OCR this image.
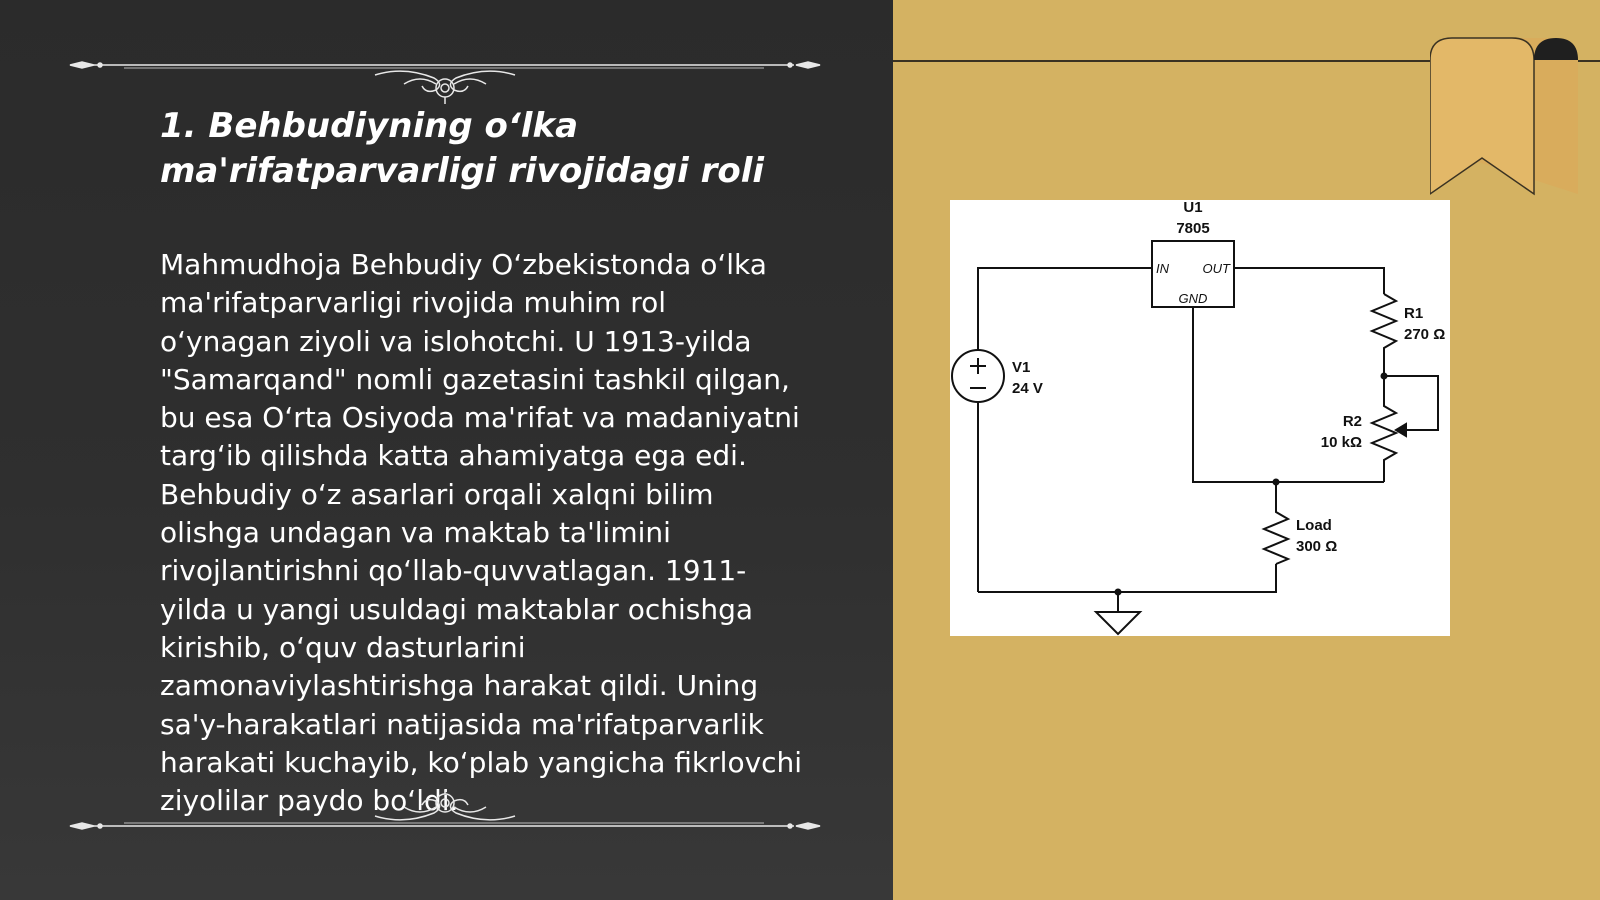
1. Behbudiyning o‘lka
ma'rifatparvarligi rivojidagi roli
Mahmudhoja Behbudiy O‘zbekistonda o‘lka
ma'rifatparvarligi rivojida muhim rol
o‘ynagan ziyoli va islohotchi. U 1913-yilda
"Samarqand" nomli gazetasini tashkil qilgan,
bu esa O‘rta Osiyoda ma'rifat va madaniyatni
targ‘ib qilishda katta ahamiyatga ega edi.
Behbudiy o‘z asarlari orqali xalqni bilim
olishga undagan va maktab ta'limini
rivojlantirishni qo‘llab-quvvatlagan. 1911-
yilda u yangi usuldagi maktablar ochishga
kirishib, o‘quv dasturlarini
zamonaviylashtirishga harakat qildi. Uning
sa'y-harakatlari natijasida ma'rifatparvarlik
harakati kuchayib, ko‘plab yangicha fikrlovchi
ziyolilar paydo bo‘ldi.
U1
7805
IN	OUT
GND
V1
24 V
R1
270 Ω
R2
10 kΩ
Load
300 Ω
